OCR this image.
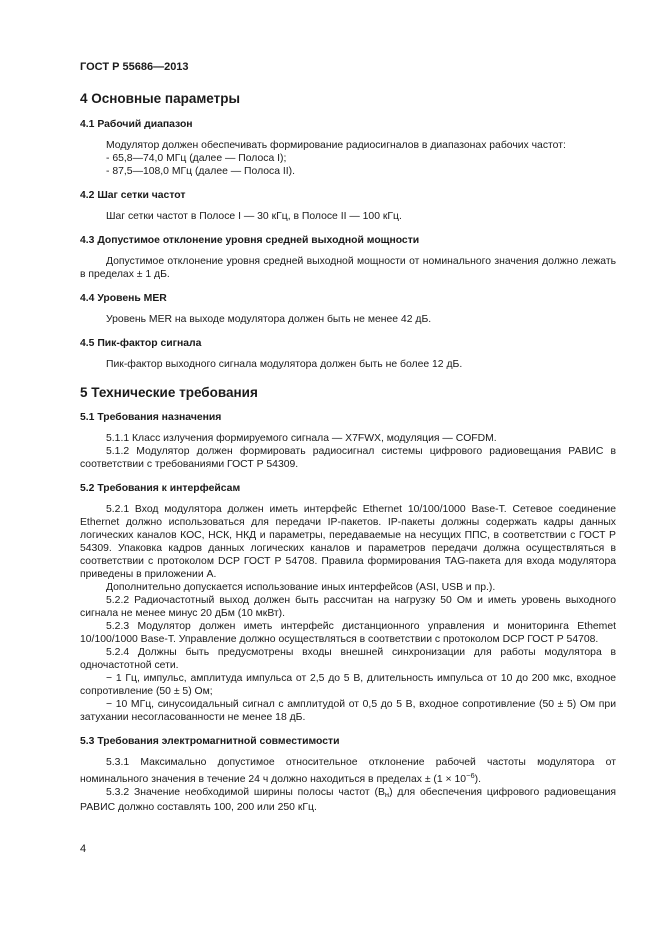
ГОСТ Р 55686—2013
4 Основные параметры
4.1 Рабочий диапазон

Модулятор должен обеспечивать формирование радиосигналов в диапазонах рабочих частот:

- 65,8—74,0 МГц (далее — Полоса I);

- 87,5—108,0 МГц (далее — Полоса II).

4.2 Шаг сетки частот

Шаг сетки частот в Полосе I — 30 кГц, в Полосе II — 100 кГц.

4.3 Допустимое отклонение уровня средней выходной мощности

Допустимое отклонение уровня средней выходной мощности от номинального значения должно лежать в пределах ± 1 дБ.

4.4 Уровень MER

Уровень MER на выходе модулятора должен быть не менее 42 дБ.

4.5 Пик-фактор сигнала

Пик-фактор выходного сигнала модулятора должен быть не более 12 дБ.

5 Технические требования
5.1 Требования назначения

5.1.1 Класс излучения формируемого сигнала — X7FWX, модуляция — COFDM.

5.1.2 Модулятор должен формировать радиосигнал системы цифрового радиовещания РАВИС в соответствии с требованиями ГОСТ Р 54309.

5.2 Требования к интерфейсам

5.2.1 Вход модулятора должен иметь интерфейс Ethernet 10/100/1000 Base-T. Сетевое соединение Ethernet должно использоваться для передачи IP-пакетов. IP-пакеты должны содержать кадры данных логических каналов КОС, НСК, НКД и параметры, передаваемые на несущих ППС, в соответствии с ГОСТ Р 54309. Упаковка кадров данных логических каналов и параметров передачи должна осуществляться в соответствии с протоколом DCP ГОСТ Р 54708. Правила формирования TAG-пакета для входа модулятора приведены в приложении А.

Дополнительно допускается использование иных интерфейсов (ASI, USB и пр.).

5.2.2 Радиочастотный выход должен быть рассчитан на нагрузку 50 Ом и иметь уровень выходного сигнала не менее минус 20 дБм (10 мкВт).

5.2.3 Модулятор должен иметь интерфейс дистанционного управления и мониторинга Ethemet 10/100/1000 Base-T. Управление должно осуществляться в соответствии с протоколом DCP ГОСТ Р 54708.

5.2.4 Должны быть предусмотрены входы внешней синхронизации для работы модулятора в одночастотной сети.

− 1 Гц, импульс, амплитуда импульса от 2,5 до 5 В, длительность импульса от 10 до 200 мкс, входное сопротивление (50 ± 5) Ом;

− 10 МГц, синусоидальный сигнал с амплитудой от 0,5 до 5 В, входное сопротивление (50 ± 5) Ом при затухании несогласованности не менее 18 дБ.

5.3 Требования электромагнитной совместимости

5.3.1 Максимально допустимое относительное отклонение рабочей частоты модулятора от номинального значения в течение 24 ч должно находиться в пределах ± $(1 \times 10^{-6})$.

5.3.2 Значение необходимой ширины полосы частот $(B_н)$ для обеспечения цифрового радиовещания РАВИС должно составлять 100, 200 или 250 кГц.

4
